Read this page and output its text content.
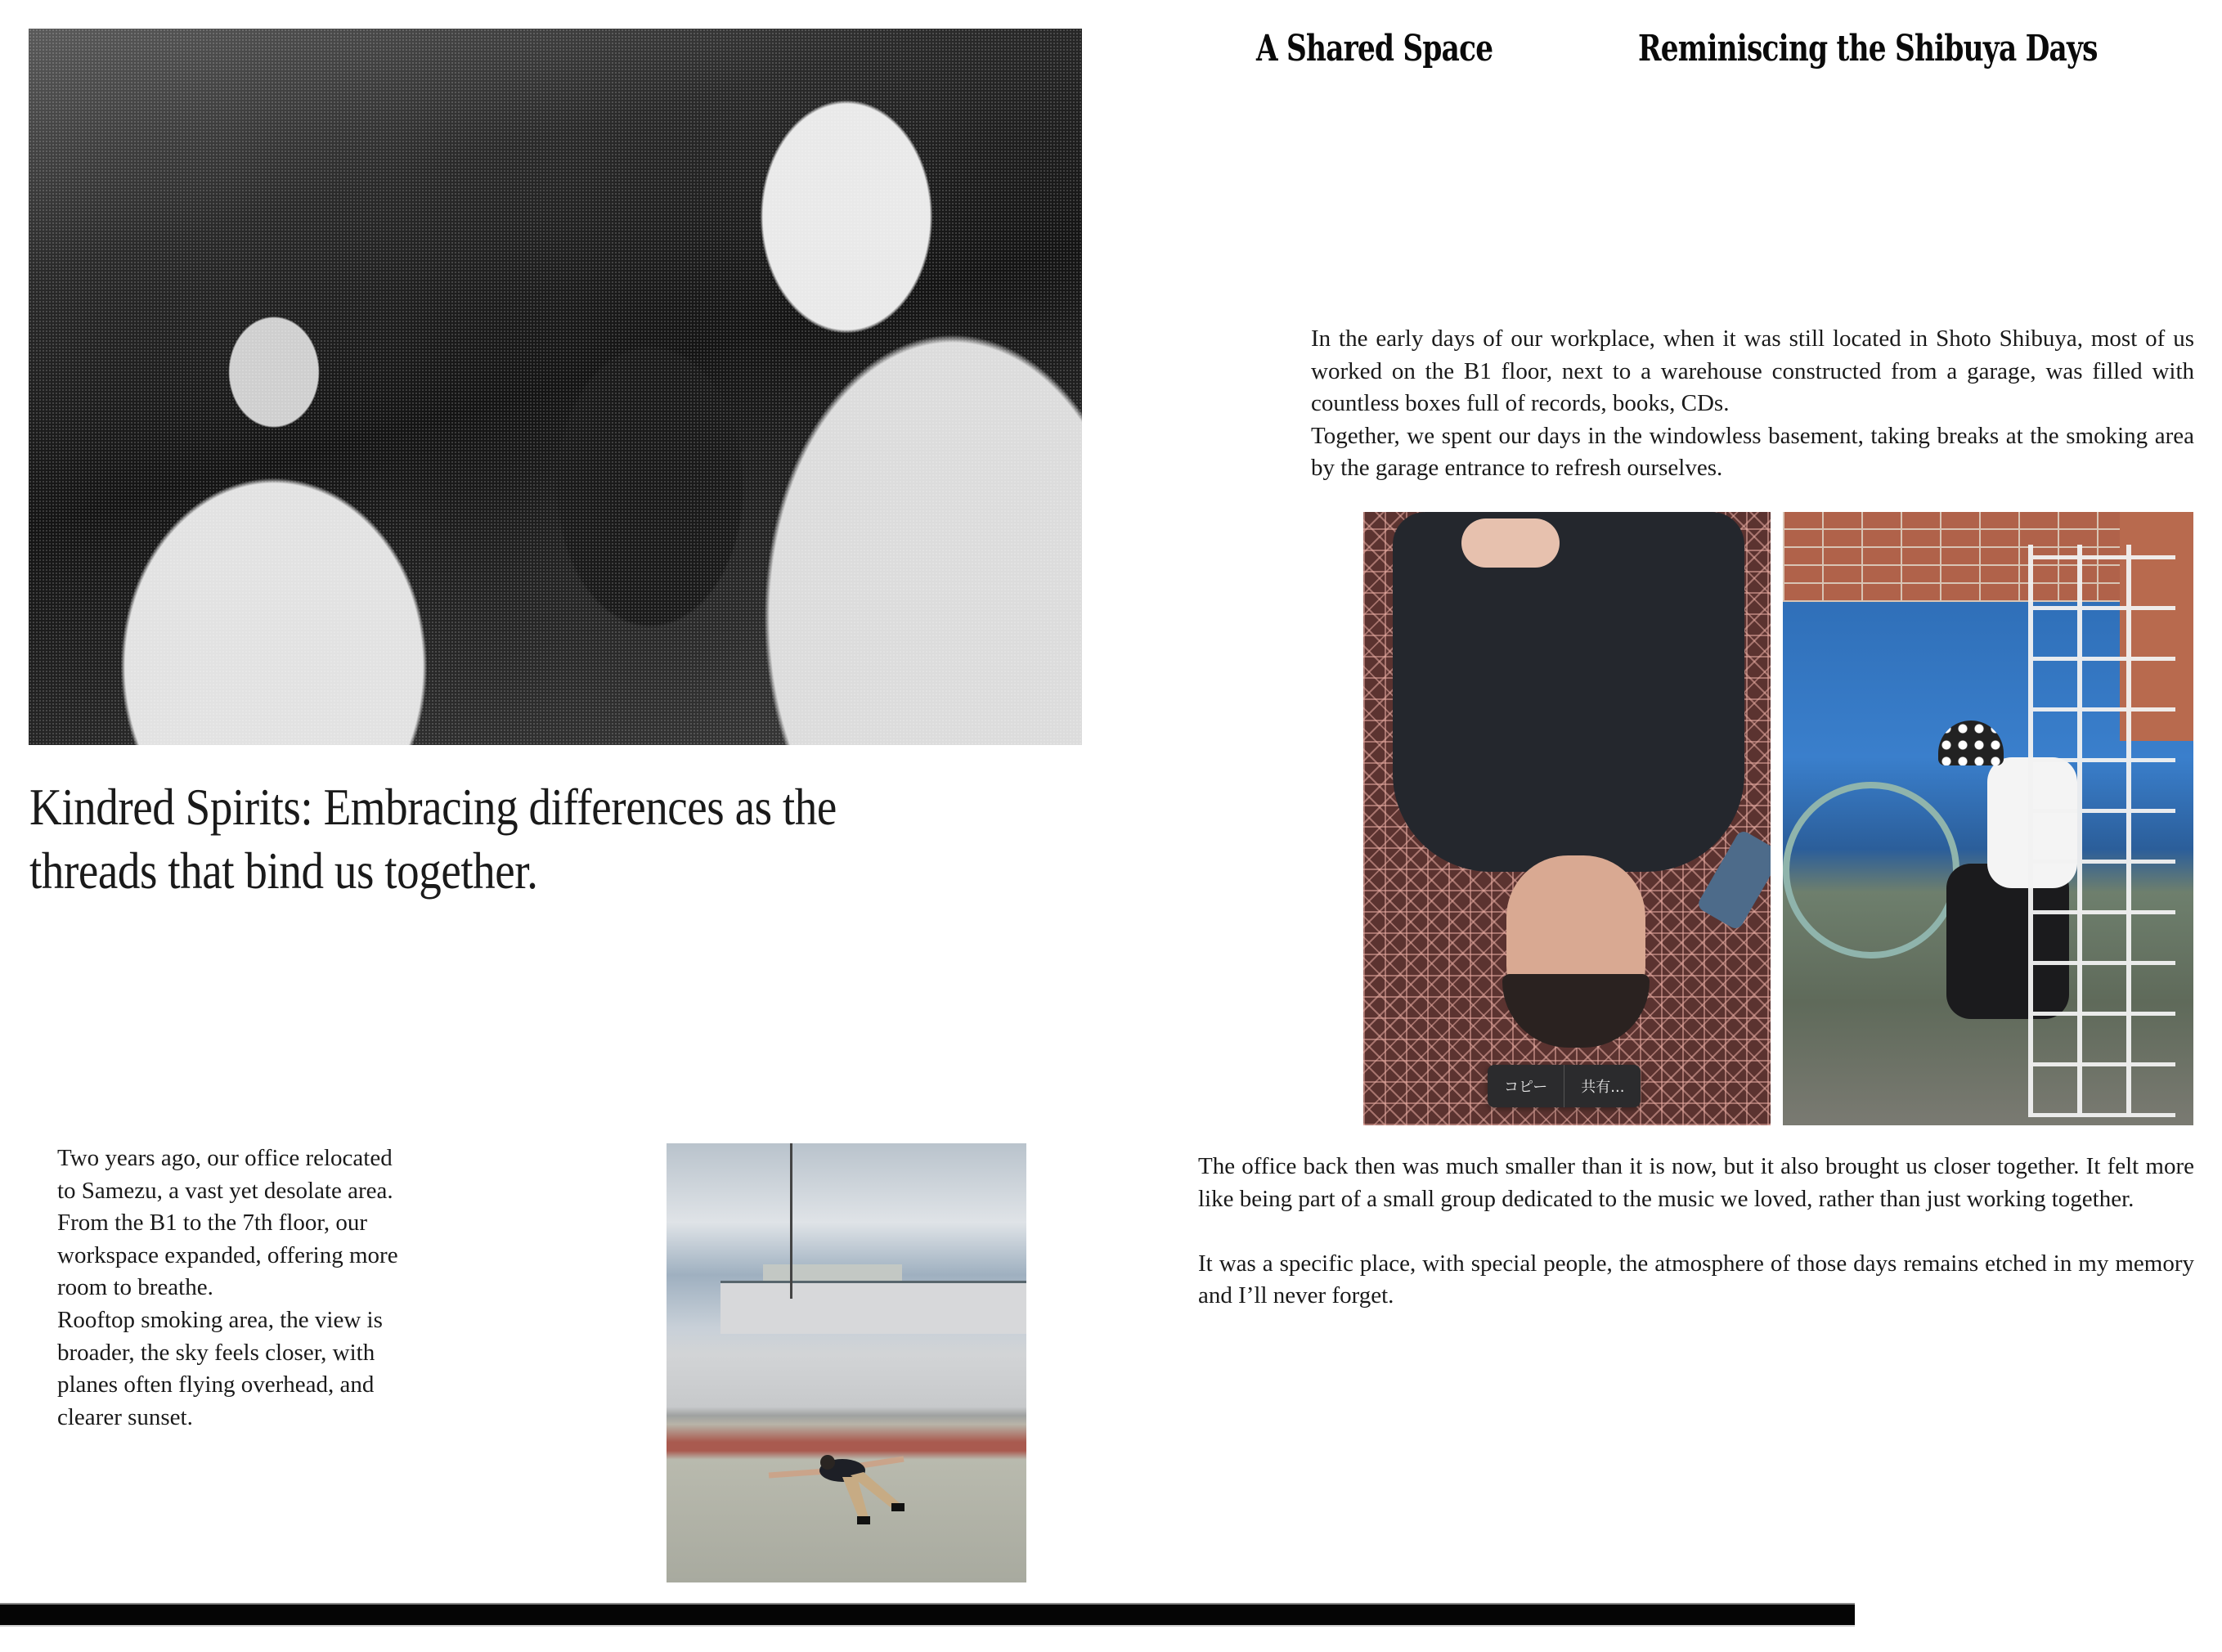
Kindred Spirits: Embracing differences as the threads that bind us together.
Two years ago, our office relocated to Samezu, a vast yet desolate area. From the B1 to the 7th floor, our workspace expanded, offering more room to breathe.
Rooftop smoking area, the view is broader, the sky feels closer, with planes often flying overhead, and clearer sunset.
A Shared Space	Reminiscing the Shibuya Days
In the early days of our workplace, when it was still located in Shoto Shibuya, most of us worked on the B1 floor, next to a warehouse constructed from a garage, was filled with countless boxes full of records, books, CDs.
Together, we spent our days in the windowless basement, taking breaks at the smoking area by the garage entrance to refresh ourselves.
コピー	共有...

The office back then was much smaller than it is now, but it also brought us closer together. It felt more like being part of a small group dedicated to the music we loved, rather than just working together.

It was a specific place, with special people, the atmosphere of those days remains etched in my memory and I’ll never forget.
